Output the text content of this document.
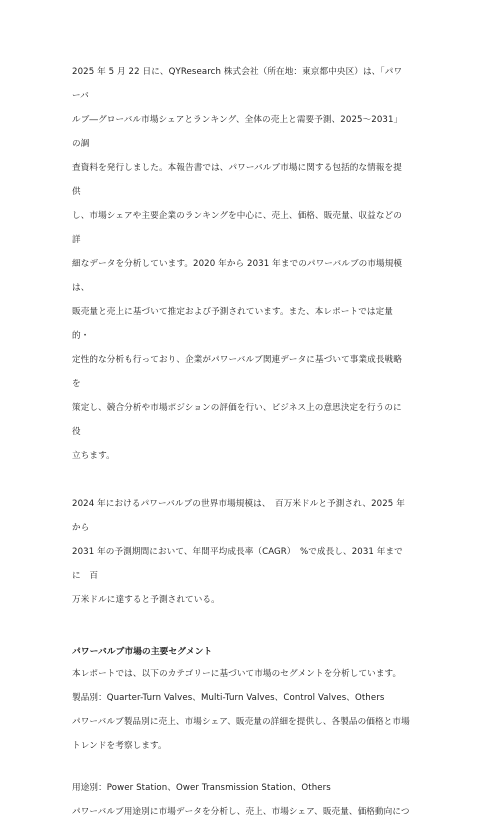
2025 年 5 月 22 日に、QYResearch 株式会社（所在地：東京都中央区）は、「パワーバ
ルブ―グローバル市場シェアとランキング、全体の売上と需要予測、2025～2031」の調
査資料を発行しました。本報告書では、パワーバルブ市場に関する包括的な情報を提供
し、市場シェアや主要企業のランキングを中心に、売上、価格、販売量、収益などの詳
細なデータを分析しています。2020 年から 2031 年までのパワーバルブの市場規模は、
販売量と売上に基づいて推定および予測されています。また、本レポートでは定量的・
定性的な分析も行っており、企業がパワーバルブ関連データに基づいて事業成長戦略を
策定し、競合分析や市場ポジションの評価を行い、ビジネス上の意思決定を行うのに役
立ちます。

2024 年におけるパワーバルブの世界市場規模は、　百万米ドルと予測され、2025 年から
2031 年の予測期間において、年間平均成長率（CAGR）　%で成長し、2031 年までに　百
万米ドルに達すると予測されている。

パワーバルブ市場の主要セグメント

本レポートでは、以下のカテゴリーに基づいて市場のセグメントを分析しています。

製品別：Quarter-Turn Valves、Multi-Turn Valves、Control Valves、Others

パワーバルブ製品別に売上、市場シェア、販売量の詳細を提供し、各製品の価格と市場
トレンドを考察します。

用途別：Power Station、Ower Transmission Station、Others

パワーバルブ用途別に市場データを分析し、売上、市場シェア、販売量、価格動向につ
